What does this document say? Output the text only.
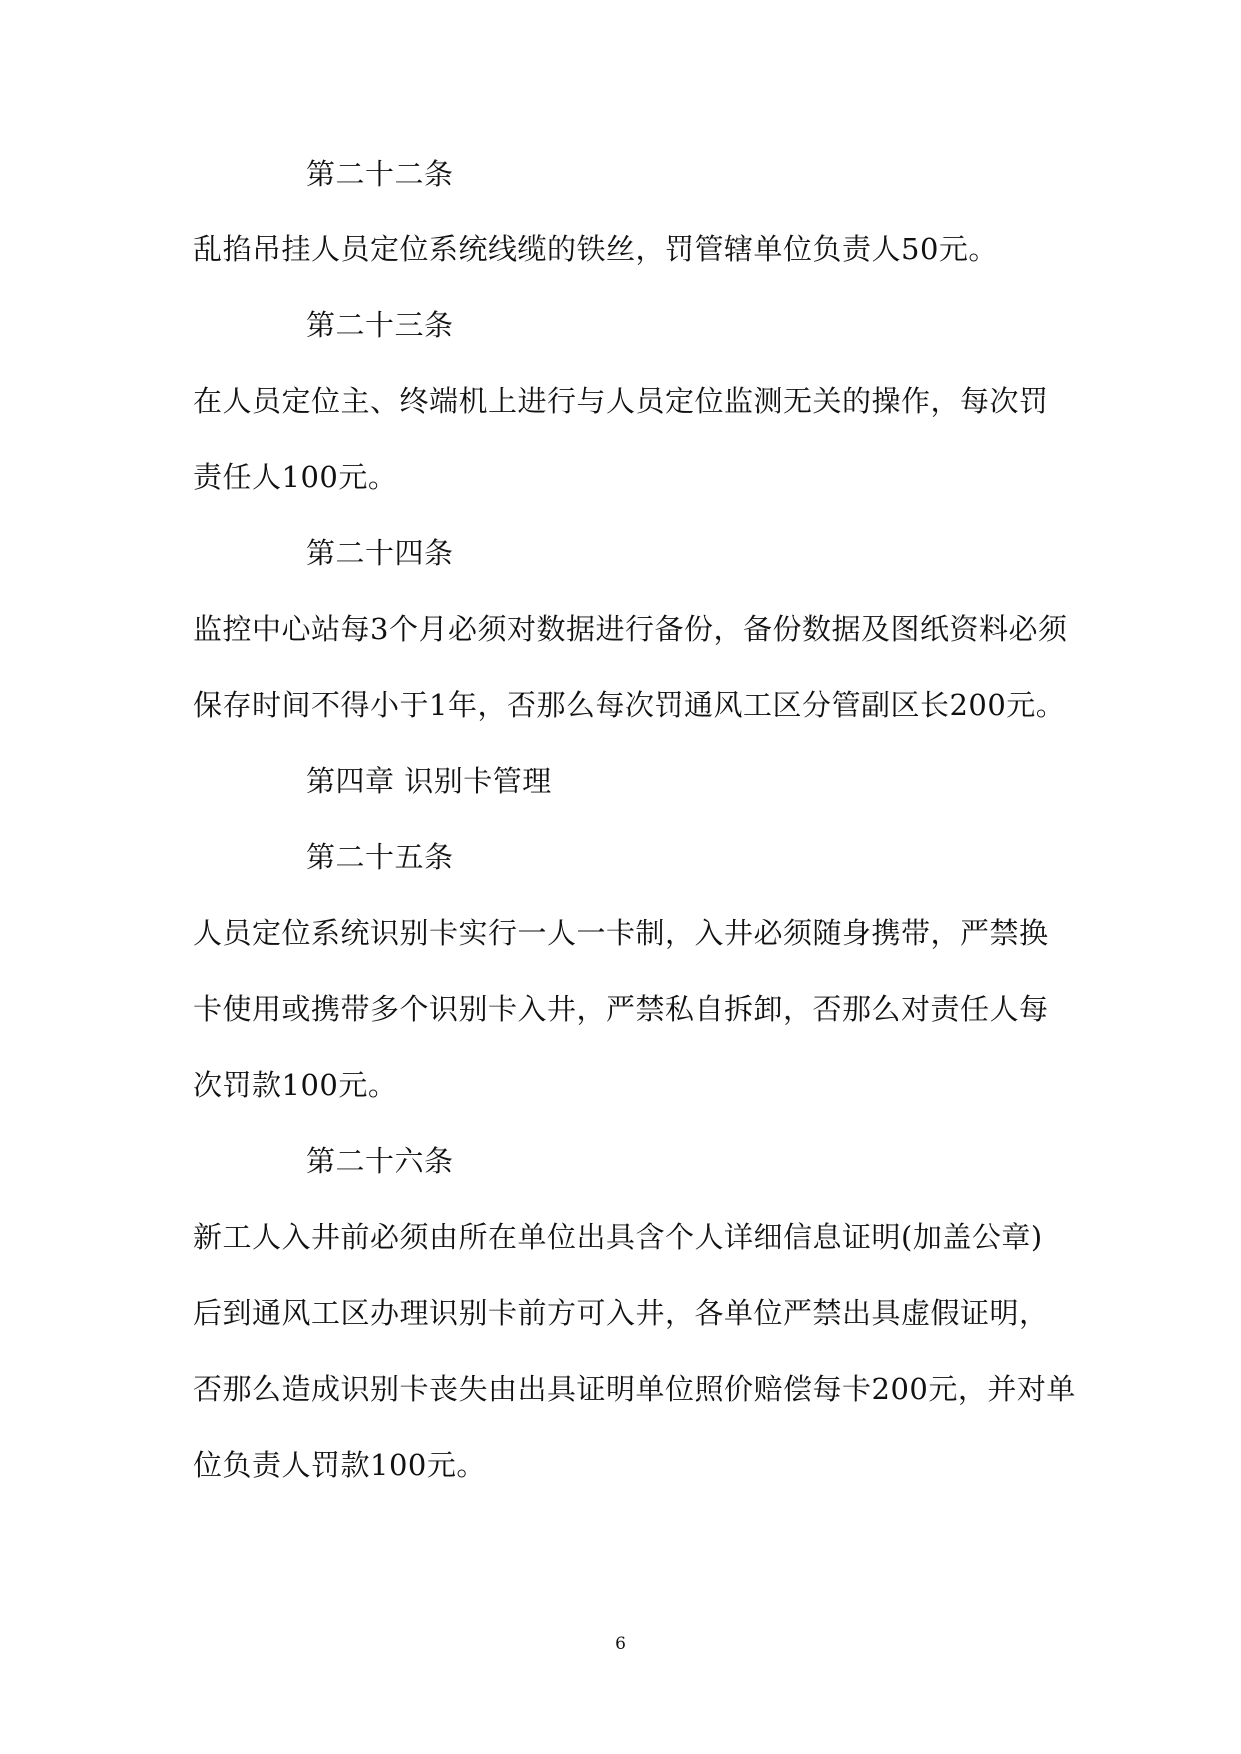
第二十二条
乱掐吊挂人员定位系统线缆的铁丝，罚管辖单位负责人50元。
第二十三条
在人员定位主、终端机上进行与人员定位监测无关的操作，每次罚
责任人100元。
第二十四条
监控中心站每3个月必须对数据进行备份，备份数据及图纸资料必须
保存时间不得小于1年，否那么每次罚通风工区分管副区长200元。
第四章 识别卡管理
第二十五条
人员定位系统识别卡实行一人一卡制，入井必须随身携带，严禁换
卡使用或携带多个识别卡入井，严禁私自拆卸，否那么对责任人每
次罚款100元。
第二十六条
新工人入井前必须由所在单位出具含个人详细信息证明(加盖公章)
后到通风工区办理识别卡前方可入井，各单位严禁出具虚假证明，
否那么造成识别卡丧失由出具证明单位照价赔偿每卡200元，并对单
位负责人罚款100元。
6
